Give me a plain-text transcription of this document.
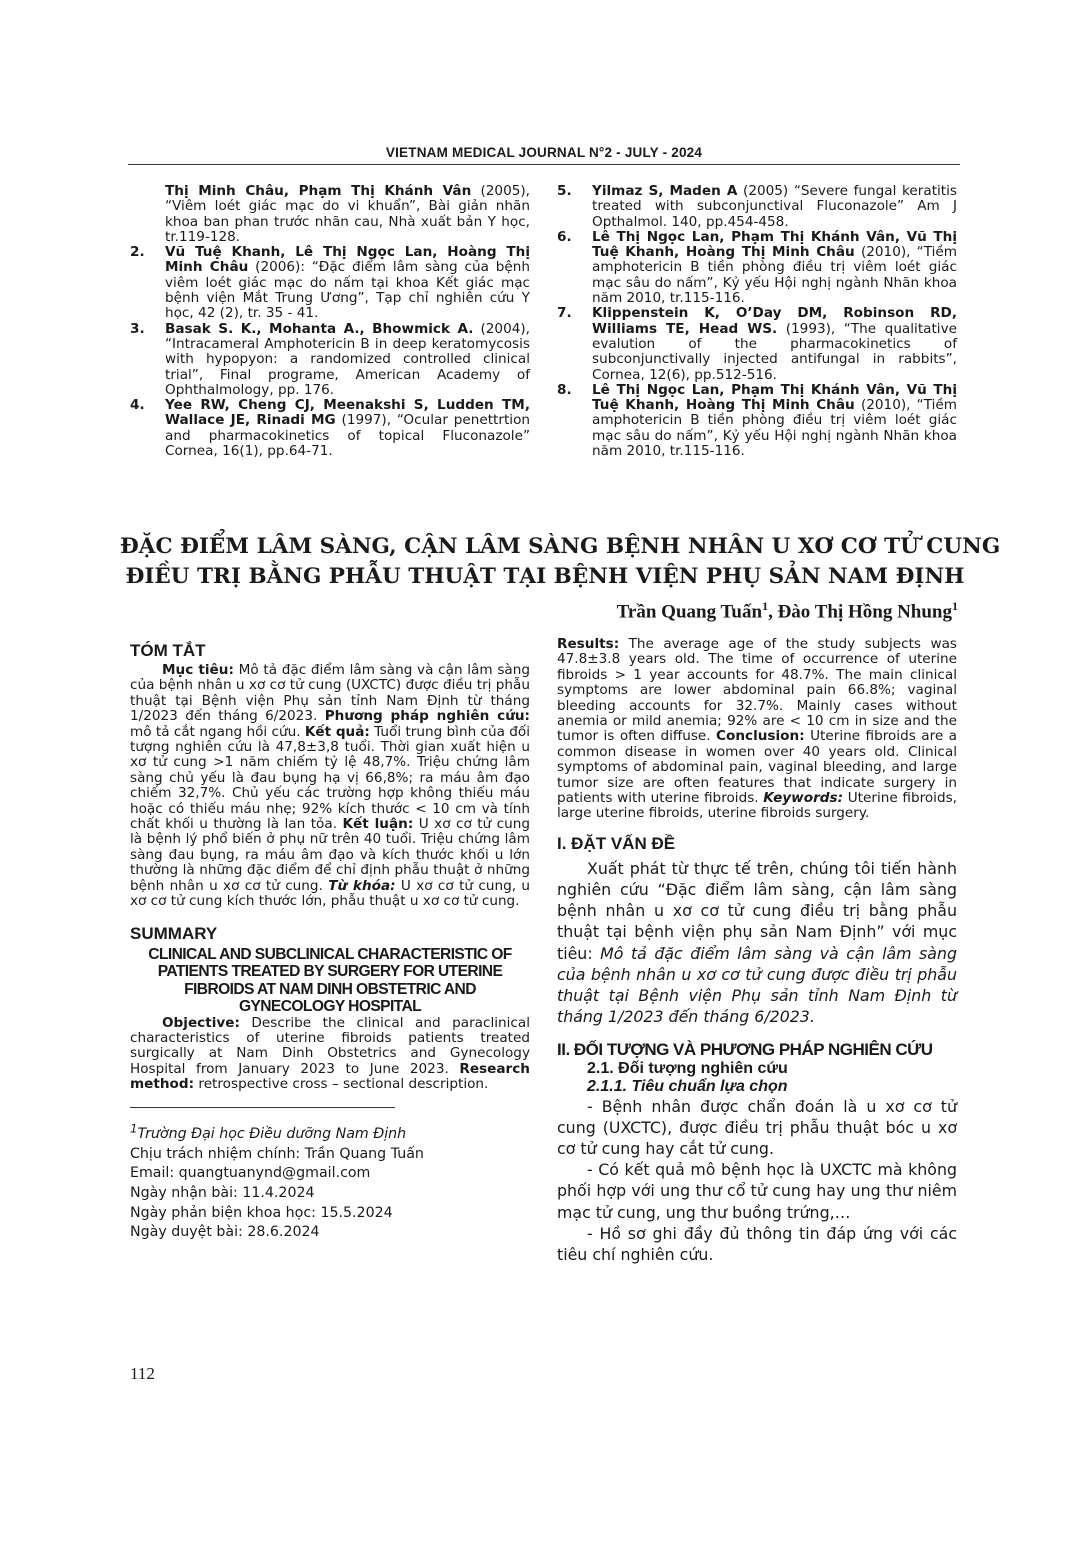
VIETNAM MEDICAL JOURNAL N°2 - JULY - 2024
Thị Minh Châu, Phạm Thị Khánh Vân (2005), “Viêm loét giác mạc do vi khuẩn”, Bài giản nhãn khoa ban phan trước nhãn cau, Nhà xuất bản Y học, tr.119-128.
2.	Vũ Tuệ Khanh, Lê Thị Ngọc Lan, Hoàng Thị Minh Châu (2006): “Đặc điểm lâm sàng của bệnh viêm loét giác mạc do nấm tại khoa Kết giác mạc bệnh viện Mắt Trung Ương”, Tạp chỉ nghiên cứu Y học, 42 (2), tr. 35 - 41.
3.	Basak S. K., Mohanta A., Bhowmick A. (2004), “Intracameral Amphotericin B in deep keratomycosis with hypopyon: a randomized controlled clinical trial”, Final programe, American Academy of Ophthalmology, pp. 176.
4.	Yee RW, Cheng CJ, Meenakshi S, Ludden TM, Wallace JE, Rinadi MG (1997), “Ocular penettrtion and pharmacokinetics of topical Fluconazole” Cornea, 16(1), pp.64-71.
5.	Yilmaz S, Maden A (2005) “Severe fungal keratitis treated with subconjunctival Fluconazole” Am J Opthalmol. 140, pp.454-458.
6.	Lê Thị Ngọc Lan, Phạm Thị Khánh Vân, Vũ Thị Tuệ Khanh, Hoàng Thị Minh Châu (2010), “Tiềm amphotericin B tiền phòng điều trị viêm loét giác mạc sâu do nấm”, Kỷ yếu Hội nghị ngành Nhãn khoa năm 2010, tr.115-116.
7.	Klippenstein K, O’Day DM, Robinson RD, Williams TE, Head WS. (1993), “The qualitative evalution of the pharmacokinetics of subconjunctivally injected antifungal in rabbits”, Cornea, 12(6), pp.512-516.
8.	Lê Thị Ngọc Lan, Phạm Thị Khánh Vân, Vũ Thị Tuệ Khanh, Hoàng Thị Minh Châu (2010), “Tiềm amphotericin B tiền phòng điều trị viêm loét giác mạc sâu do nấm”, Kỷ yếu Hội nghị ngành Nhãn khoa năm 2010, tr.115-116.
ĐẶC ĐIỂM LÂM SÀNG, CẬN LÂM SÀNG BỆNH NHÂN U XƠ CƠ TỬ CUNG
ĐIỀU TRỊ BẰNG PHẪU THUẬT TẠI BỆNH VIỆN PHỤ SẢN NAM ĐỊNH
Trần Quang Tuấn$^1$, Đào Thị Hồng Nhung$^1$

TÓM TẮT

Mục tiêu: Mô tả đặc điểm lâm sàng và cận lâm sàng của bệnh nhân u xơ cơ tử cung (UXCTC) được điều trị phẫu thuật tại Bệnh viện Phụ sản tỉnh Nam Định từ tháng 1/2023 đến tháng 6/2023. Phương pháp nghiên cứu: mô tả cắt ngang hồi cứu. Kết quả: Tuổi trung bình của đối tượng nghiên cứu là 47,8±3,8 tuổi. Thời gian xuất hiện u xơ tử cung >1 năm chiếm tỷ lệ 48,7%. Triệu chứng lâm sàng chủ yếu là đau bụng hạ vị 66,8%; ra máu âm đạo chiếm 32,7%. Chủ yếu các trường hợp không thiếu máu hoặc có thiếu máu nhẹ; 92% kích thước < 10 cm và tính chất khối u thường là lan tỏa. Kết luận: U xơ cơ tử cung là bệnh lý phổ biến ở phụ nữ trên 40 tuổi. Triệu chứng lâm sàng đau bụng, ra máu âm đạo và kích thước khối u lớn thường là những đặc điểm để chỉ định phẫu thuật ở những bệnh nhân u xơ cơ tử cung. Từ khóa: U xơ cơ tử cung, u xơ cơ tử cung kích thước lớn, phẫu thuật u xơ cơ tử cung.

SUMMARY

CLINICAL AND SUBCLINICAL CHARACTERISTIC OF PATIENTS TREATED BY SURGERY FOR UTERINE FIBROIDS AT NAM DINH OBSTETRIC AND GYNECOLOGY HOSPITAL

Objective: Describe the clinical and paraclinical characteristics of uterine fibroids patients treated surgically at Nam Dinh Obstetrics and Gynecology Hospital from January 2023 to June 2023. Research method: retrospective cross – sectional description.

$^1$Trường Đại học Điều dưỡng Nam Định

Chịu trách nhiệm chính: Trần Quang Tuấn

Email: quangtuanynd@gmail.com

Ngày nhận bài: 11.4.2024

Ngày phản biện khoa học: 15.5.2024

Ngày duyệt bài: 28.6.2024

Results: The average age of the study subjects was 47.8±3.8 years old. The time of occurrence of uterine fibroids > 1 year accounts for 48.7%. The main clinical symptoms are lower abdominal pain 66.8%; vaginal bleeding accounts for 32.7%. Mainly cases without anemia or mild anemia; 92% are < 10 cm in size and the tumor is often diffuse. Conclusion: Uterine fibroids are a common disease in women over 40 years old. Clinical symptoms of abdominal pain, vaginal bleeding, and large tumor size are often features that indicate surgery in patients with uterine fibroids. Keywords: Uterine fibroids, large uterine fibroids, uterine fibroids surgery.

I. ĐẶT VẤN ĐỀ

Xuất phát từ thực tế trên, chúng tôi tiến hành nghiên cứu “Đặc điểm lâm sàng, cận lâm sàng bệnh nhân u xơ cơ tử cung điều trị bằng phẫu thuật tại bệnh viện phụ sản Nam Định” với mục tiêu: Mô tả đặc điểm lâm sàng và cận lâm sàng của bệnh nhân u xơ cơ tử cung được điều trị phẫu thuật tại Bệnh viện Phụ sản tỉnh Nam Định từ tháng 1/2023 đến tháng 6/2023.

II. ĐỐI TƯỢNG VÀ PHƯƠNG PHÁP NGHIÊN CỨU

2.1. Đối tượng nghiên cứu

2.1.1. Tiêu chuẩn lựa chọn

- Bệnh nhân được chẩn đoán là u xơ cơ tử cung (UXCTC), được điều trị phẫu thuật bóc u xơ cơ tử cung hay cắt tử cung.

- Có kết quả mô bệnh học là UXCTC mà không phối hợp với ung thư cổ tử cung hay ung thư niêm mạc tử cung, ung thư buồng trứng,…

- Hồ sơ ghi đầy đủ thông tin đáp ứng với các tiêu chí nghiên cứu.

112
